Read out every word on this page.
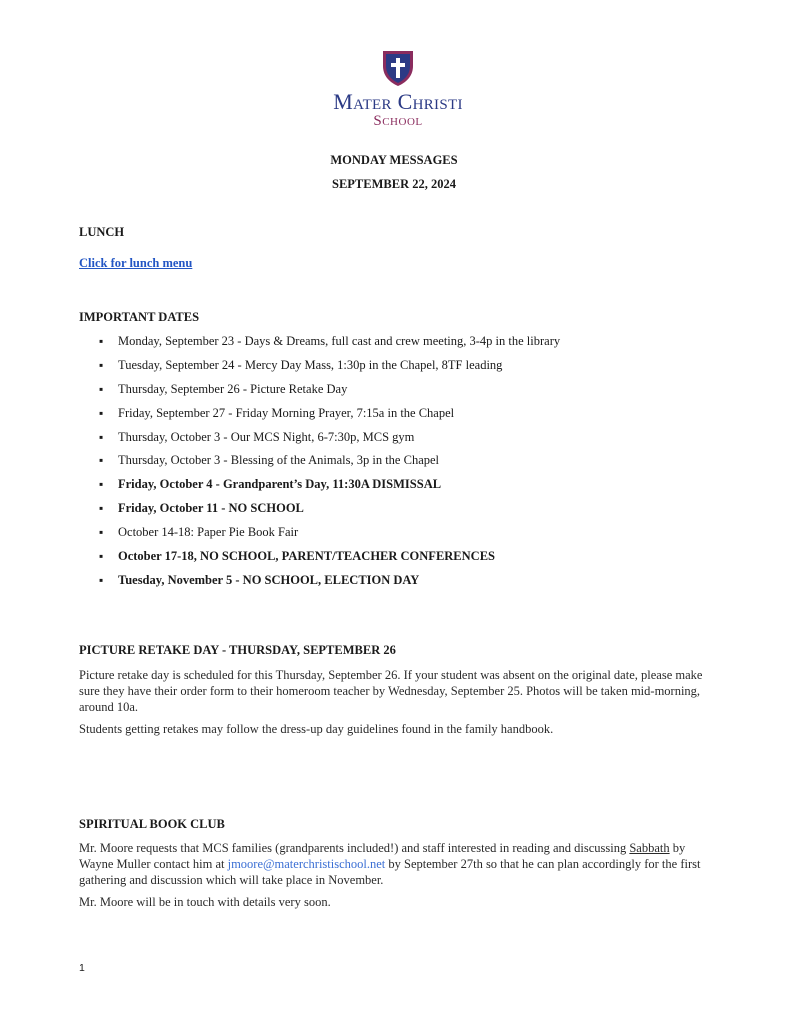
Mater Christi
School
MONDAY MESSAGES
SEPTEMBER 22, 2024
LUNCH
Click for lunch menu
IMPORTANT DATES
▪ Monday, September 23 - Days & Dreams, full cast and crew meeting, 3-4p in the library
▪ Tuesday, September 24 - Mercy Day Mass, 1:30p in the Chapel, 8TF leading
▪ Thursday, September 26 - Picture Retake Day
▪ Friday, September 27 - Friday Morning Prayer, 7:15a in the Chapel
▪ Thursday, October 3 - Our MCS Night, 6-7:30p, MCS gym
▪ Thursday, October 3 - Blessing of the Animals, 3p in the Chapel
▪ Friday, October 4 - Grandparent’s Day, 11:30A DISMISSAL
▪ Friday, October 11 - NO SCHOOL
▪ October 14-18: Paper Pie Book Fair
▪ October 17-18, NO SCHOOL, PARENT/TEACHER CONFERENCES
▪ Tuesday, November 5 - NO SCHOOL, ELECTION DAY
PICTURE RETAKE DAY - THURSDAY, SEPTEMBER 26
Picture retake day is scheduled for this Thursday, September 26. If your student was absent on the original date, please make sure they have their order form to their homeroom teacher by Wednesday, September 25. Photos will be taken mid-morning, around 10a.
Students getting retakes may follow the dress-up day guidelines found in the family handbook.
SPIRITUAL BOOK CLUB
Mr. Moore requests that MCS families (grandparents included!) and staff interested in reading and discussing Sabbath by Wayne Muller contact him at jmoore@materchristischool.net by September 27th so that he can plan accordingly for the first gathering and discussion which will take place in November.
Mr. Moore will be in touch with details very soon.
1
